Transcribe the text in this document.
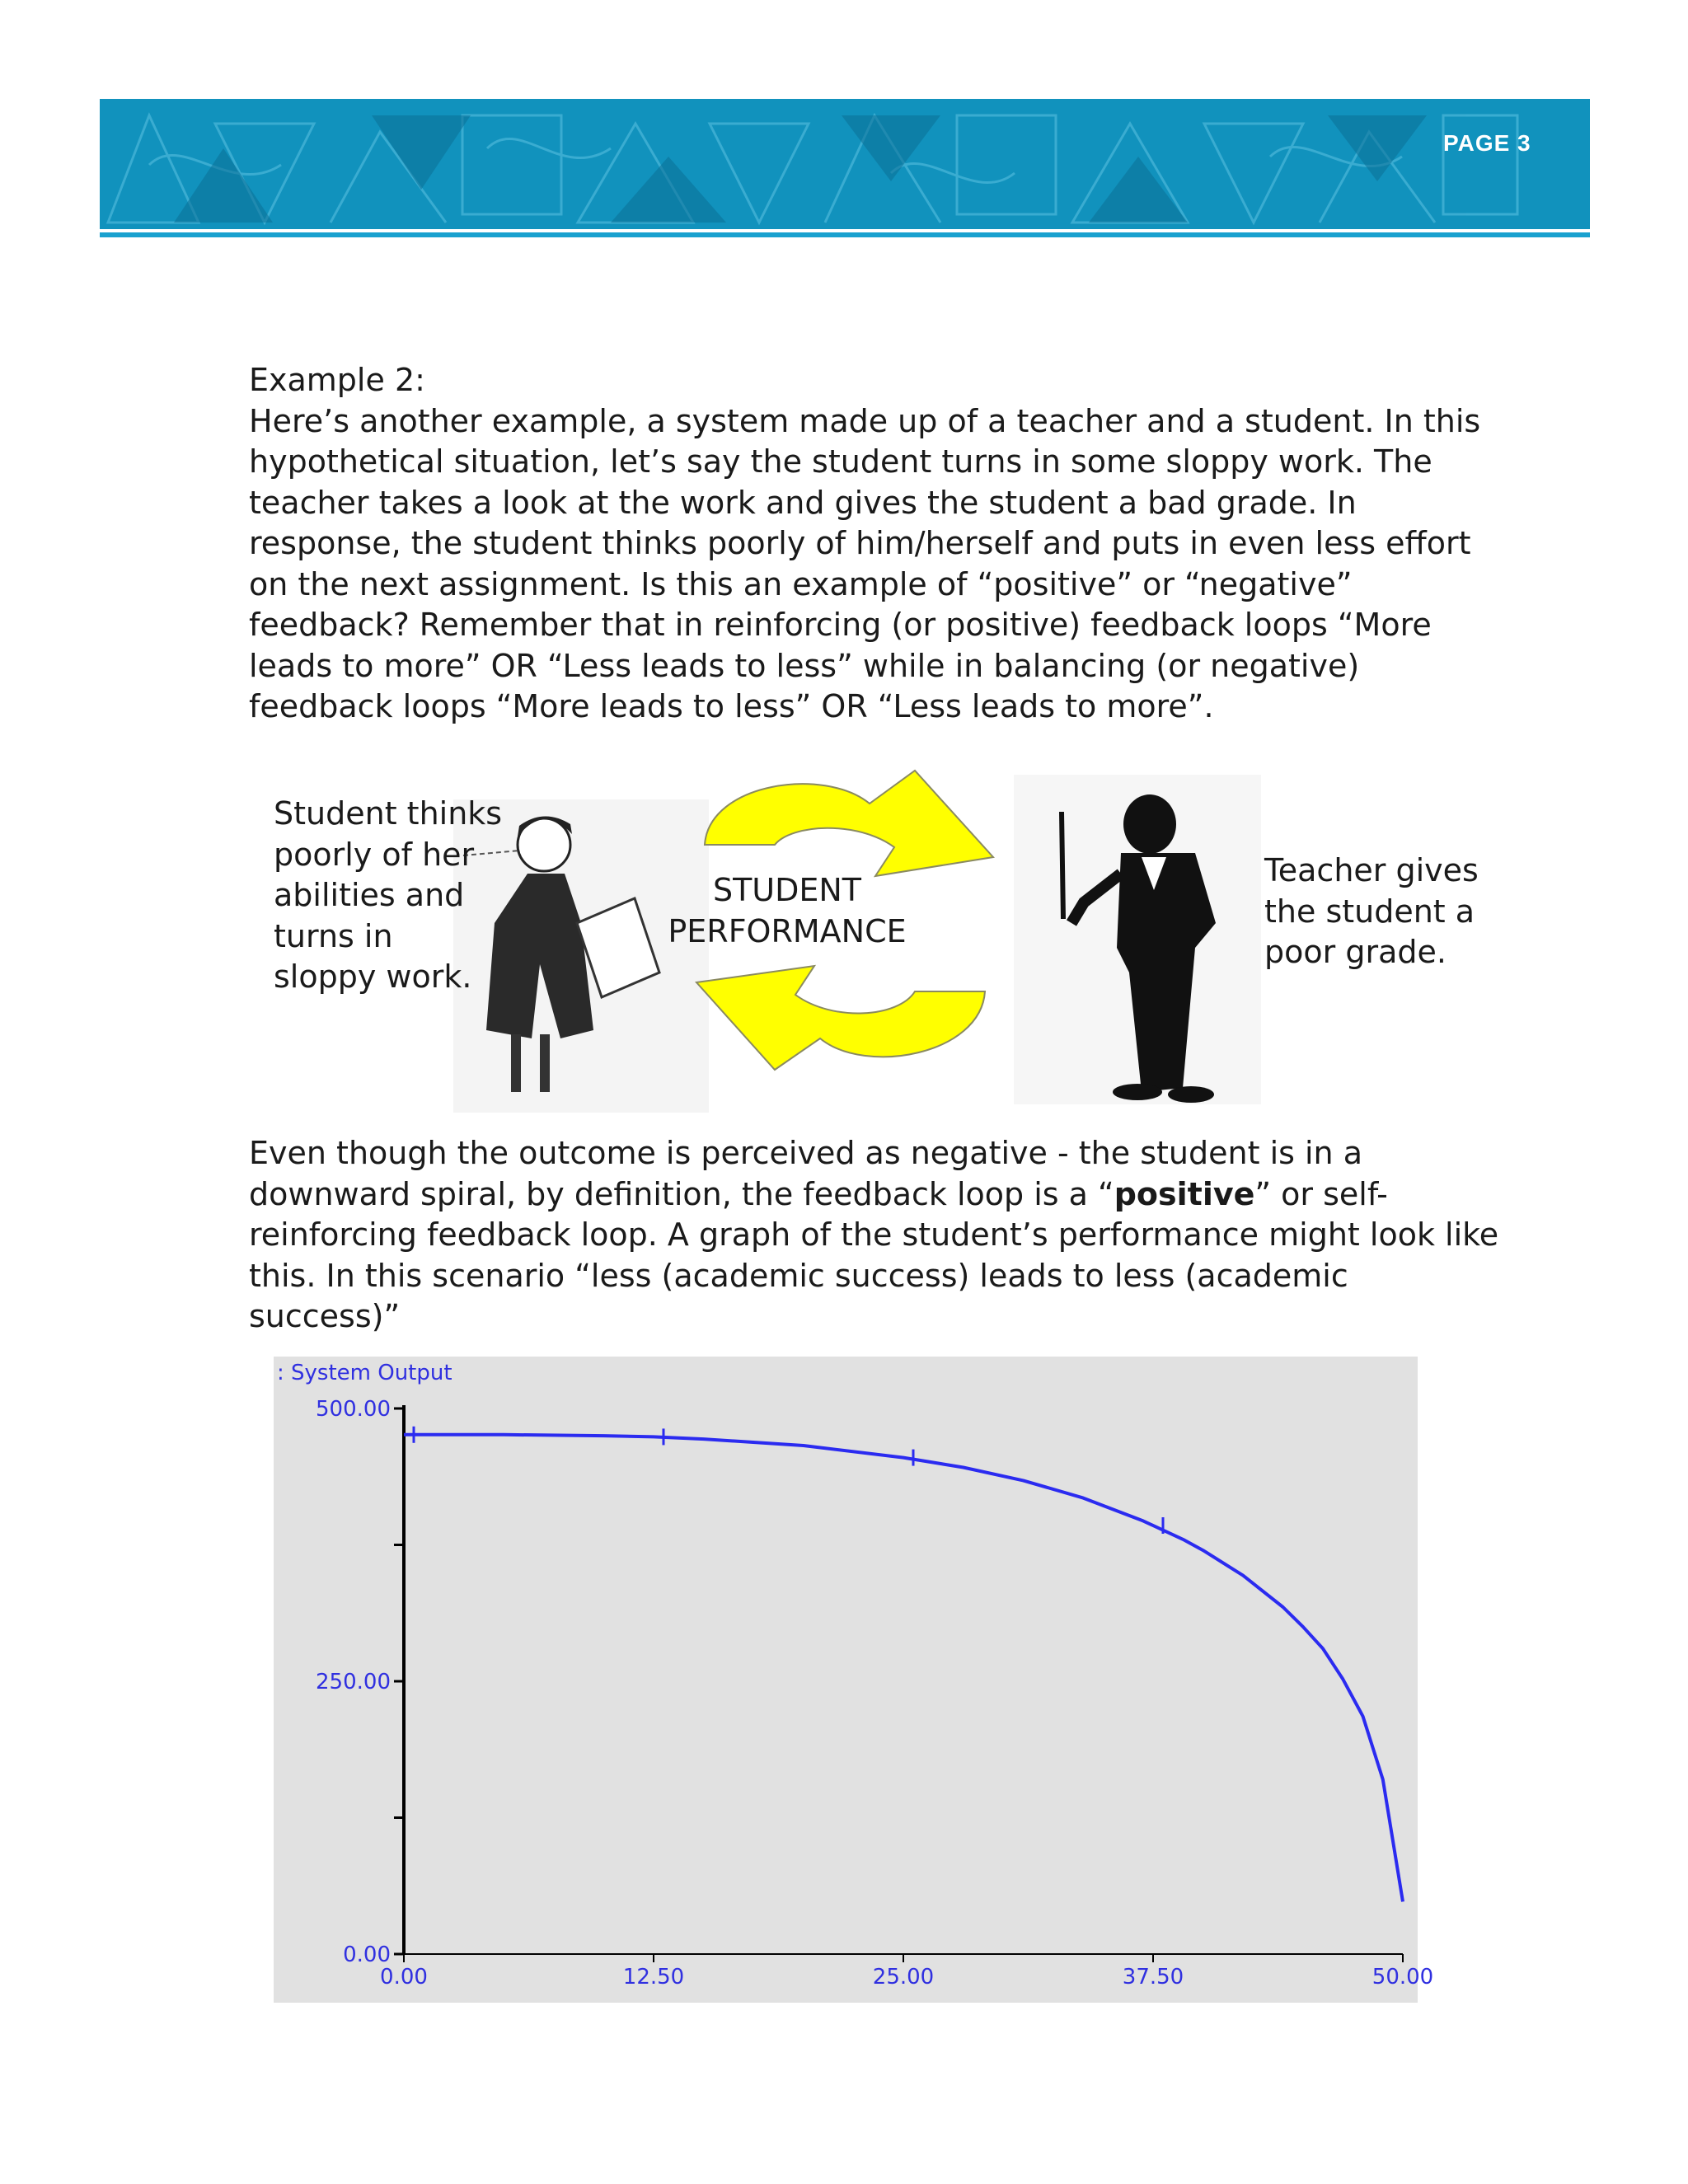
PAGE 3
Example 2:
Here’s another example, a system made up of a teacher and a student. In this hypothetical situation, let’s say the student turns in some sloppy work. The teacher takes a look at the work and gives the student a bad grade. In response, the student thinks poorly of him/herself and puts in even less effort on the next assignment. Is this an example of “positive” or “negative” feedback? Remember that in reinforcing (or positive) feedback loops “More leads to more” OR “Less leads to less” while in balancing (or negative) feedback loops “More leads to less” OR “Less leads to more”.

Student thinks poorly of her abilities and turns in sloppy work.

STUDENT
PERFORMANCE

Teacher gives the student a poor grade.

Even though the outcome is perceived as negative - the student is in a downward spiral, by definition, the feedback loop is a “positive” or self-reinforcing feedback loop. A graph of the student’s performance might look like this. In this scenario “less (academic success) leads to less (academic success)”
: System Output
0.00
250.00
500.00
0.00	12.50	25.00	37.50	50.00
